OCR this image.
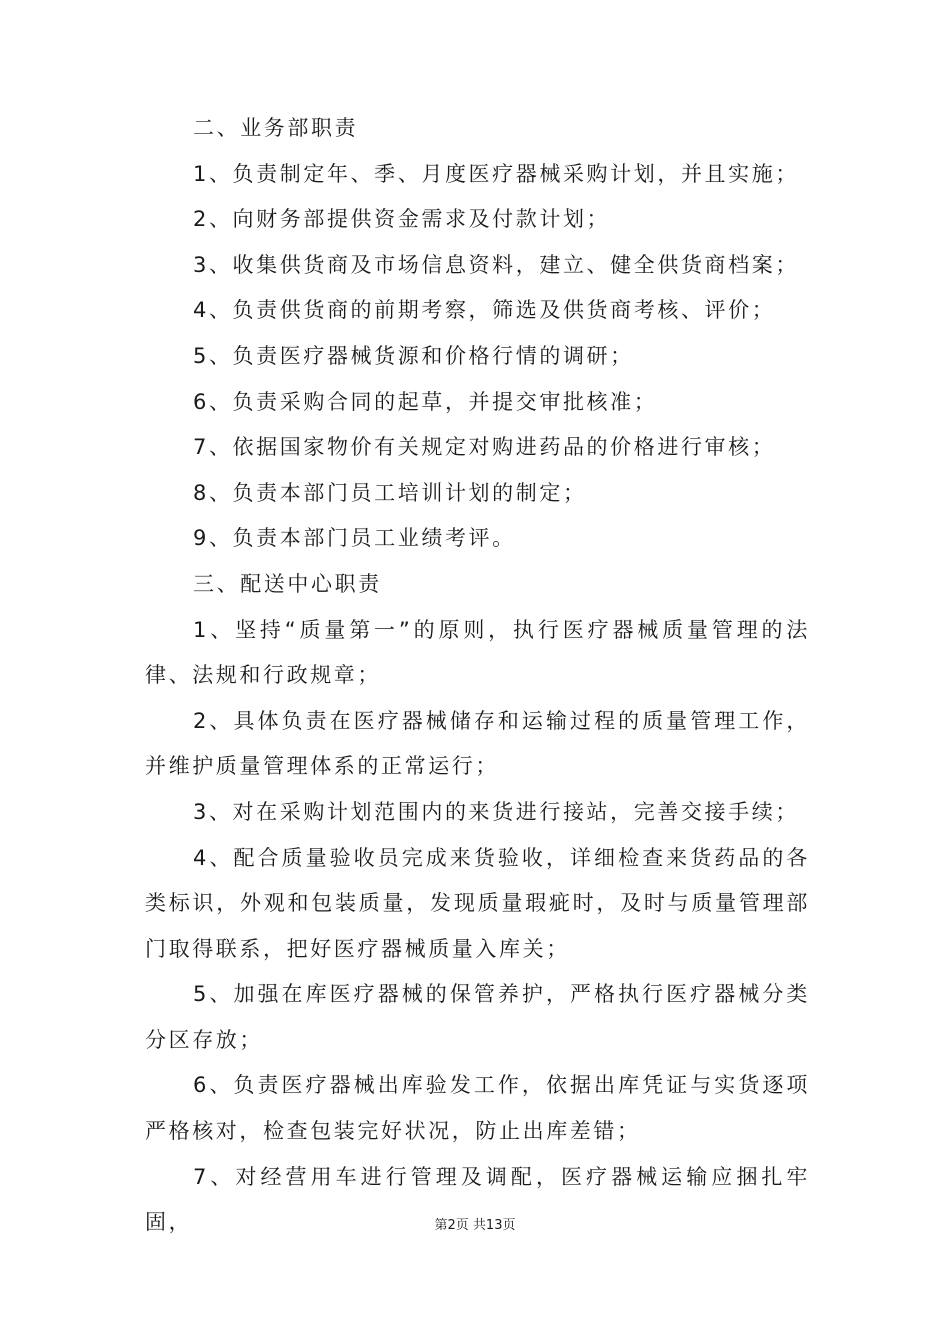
二、业务部职责

1、负责制定年、季、月度医疗器械采购计划，并且实施；

2、向财务部提供资金需求及付款计划；

3、收集供货商及市场信息资料，建立、健全供货商档案；

4、负责供货商的前期考察，筛选及供货商考核、评价；

5、负责医疗器械货源和价格行情的调研；

6、负责采购合同的起草，并提交审批核准；

7、依据国家物价有关规定对购进药品的价格进行审核；

8、负责本部门员工培训计划的制定；

9、负责本部门员工业绩考评。

三、配送中心职责

1、坚持“质量第一”的原则，执行医疗器械质量管理的法律、法规和行政规章；

2、具体负责在医疗器械储存和运输过程的质量管理工作，并维护质量管理体系的正常运行；

3、对在采购计划范围内的来货进行接站，完善交接手续；

4、配合质量验收员完成来货验收，详细检查来货药品的各类标识，外观和包装质量，发现质量瑕疵时，及时与质量管理部门取得联系，把好医疗器械质量入库关；

5、加强在库医疗器械的保管养护，严格执行医疗器械分类分区存放；

6、负责医疗器械出库验发工作，依据出库凭证与实货逐项严格核对，检查包装完好状况，防止出库差错；

7、对经营用车进行管理及调配，医疗器械运输应捆扎牢固，	第2页 共13页
